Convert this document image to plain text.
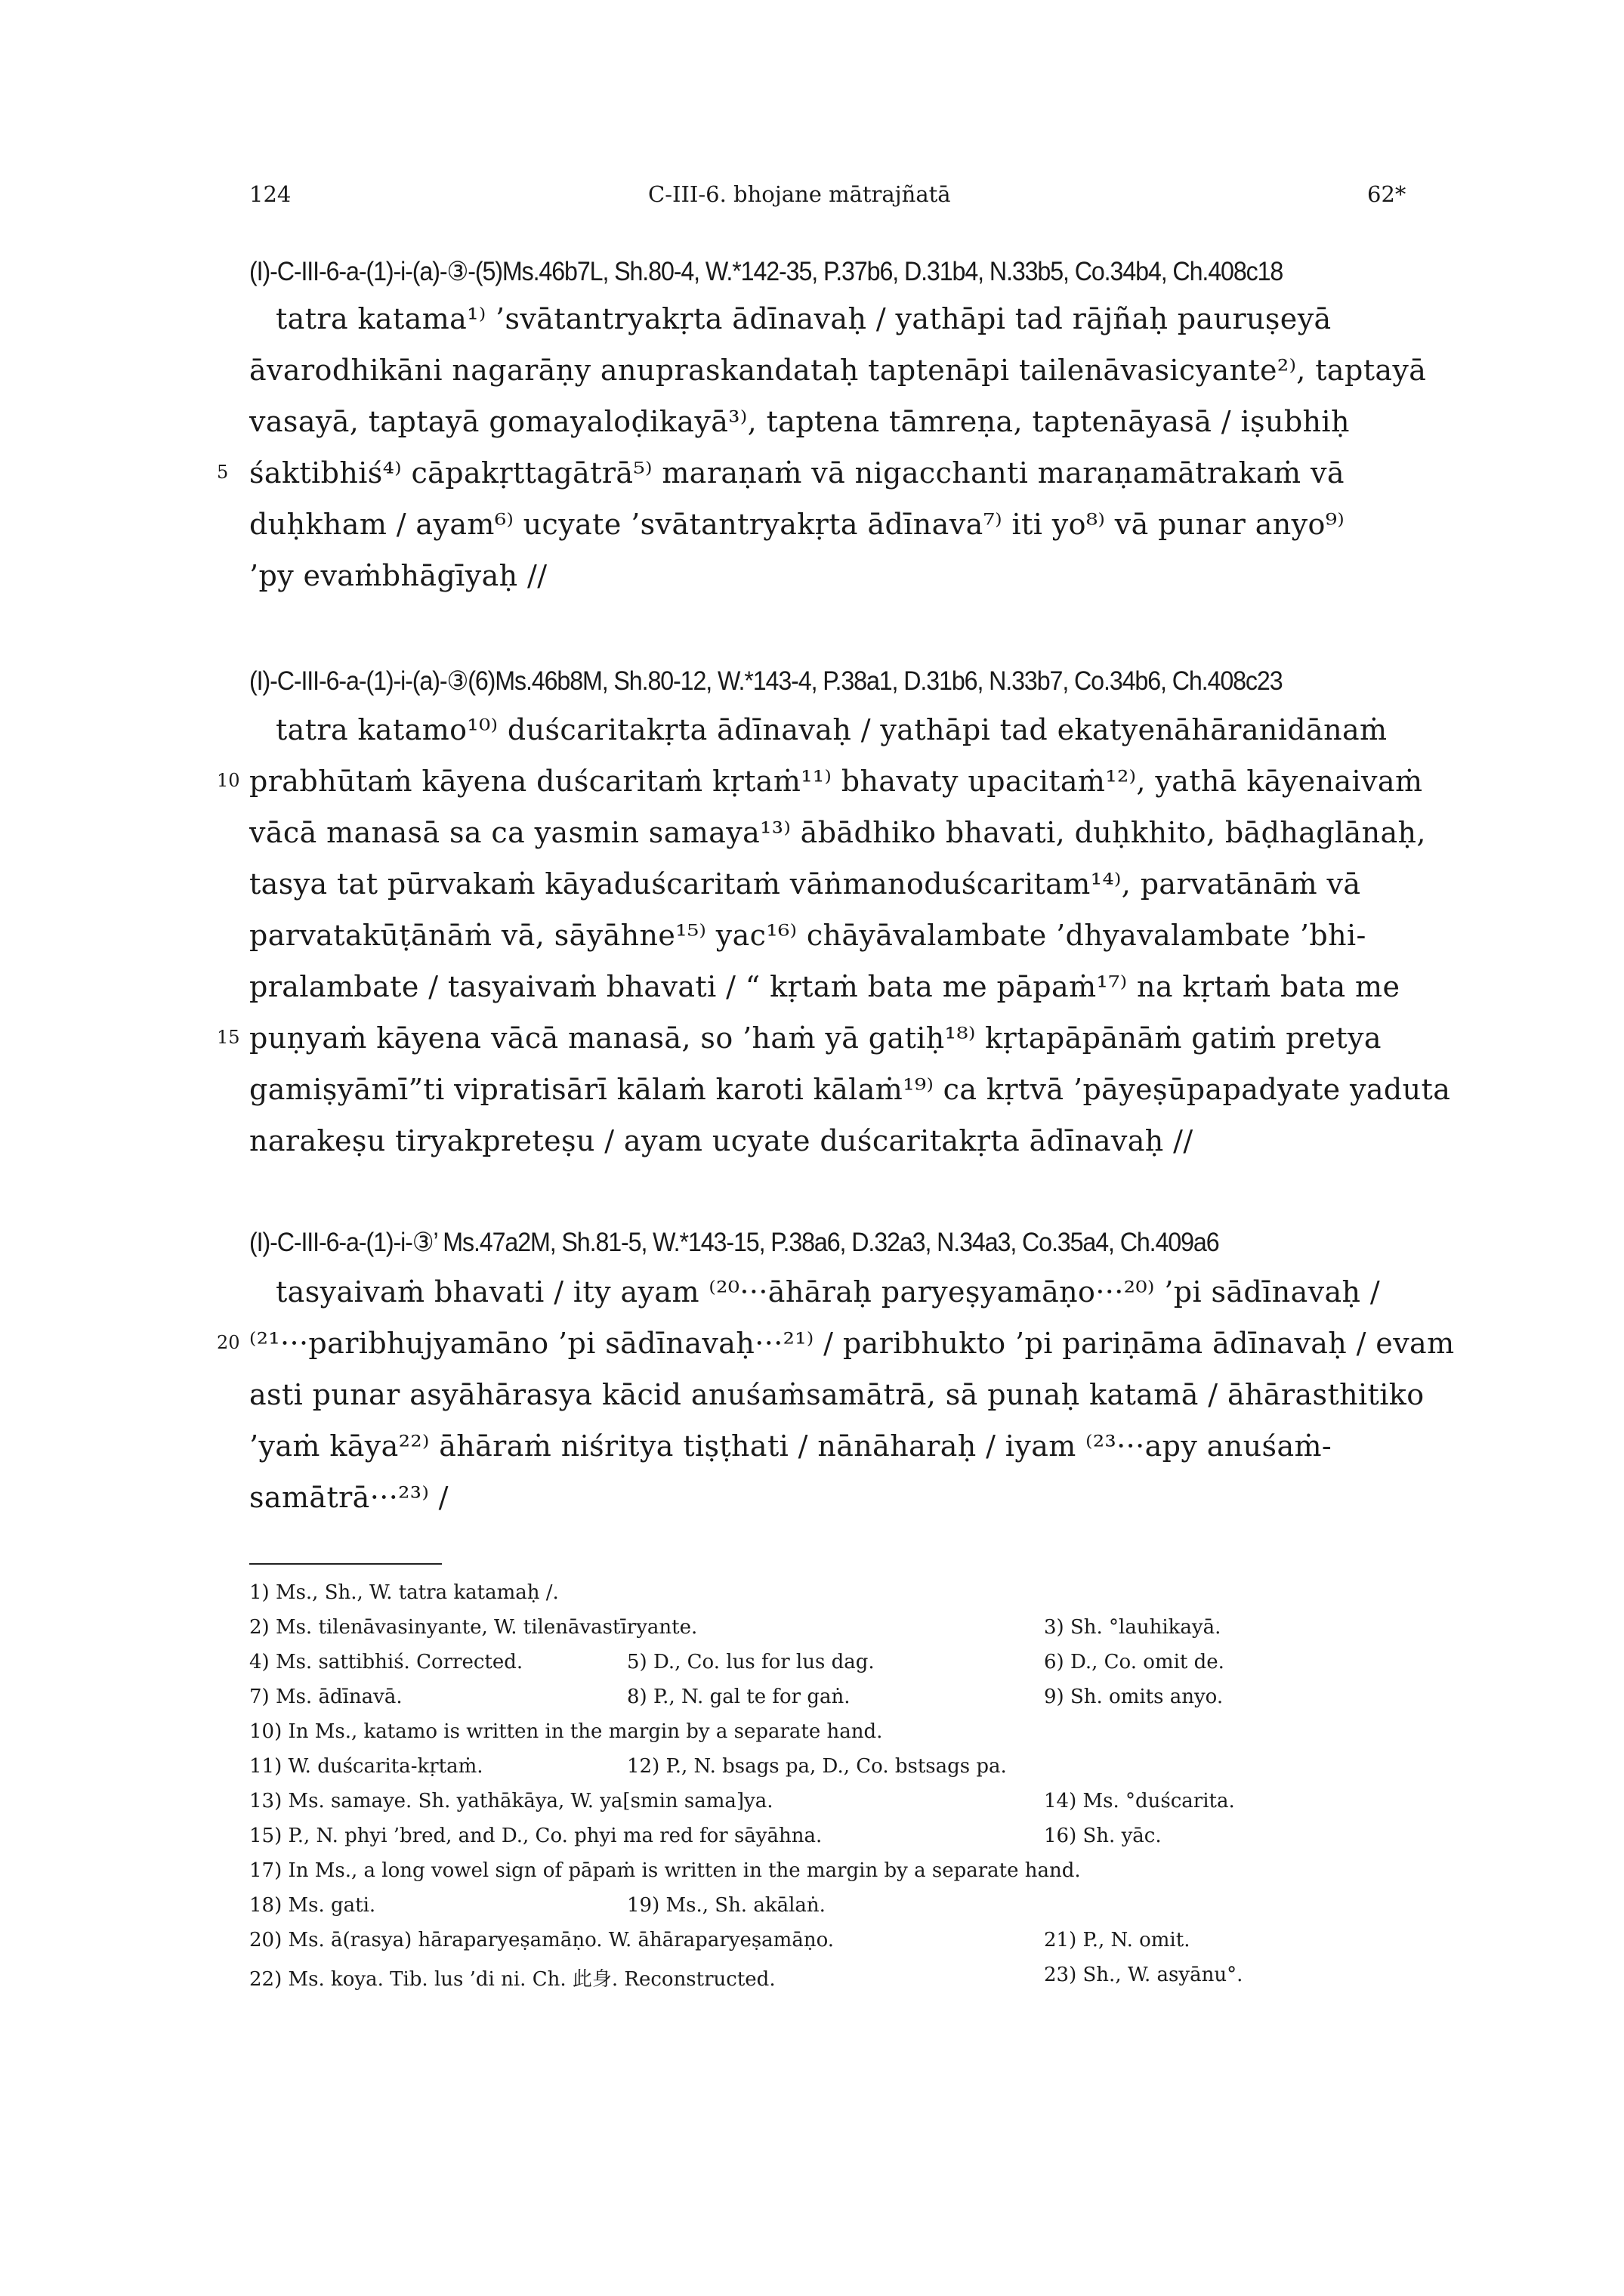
124	C-III-6. bhojane mātrajñatā	62*
(I)-C-III-6-a-(1)-i-(a)-③-(5)Ms.46b7L, Sh.80-4, W.*142-35, P.37b6, D.31b4, N.33b5, Co.34b4, Ch.408c18
tatra katama¹⁾ ’svātantryakṛta ādīnavaḥ / yathāpi tad rājñaḥ pauruṣeyā
āvarodhikāni nagarāṇy anupraskandataḥ taptenāpi tailenāvasicyante²⁾, taptayā
vasayā, taptayā gomayaloḍikayā³⁾, taptena tāmreṇa, taptenāyasā / iṣubhiḥ
5 śaktibhiś⁴⁾ cāpakṛttagātrā⁵⁾ maraṇaṁ vā nigacchanti maraṇamātrakaṁ vā
duḥkham / ayam⁶⁾ ucyate ’svātantryakṛta ādīnava⁷⁾ iti yo⁸⁾ vā punar anyo⁹⁾
’py evaṁbhāgīyaḥ //
(I)-C-III-6-a-(1)-i-(a)-③(6)Ms.46b8M, Sh.80-12, W.*143-4, P.38a1, D.31b6, N.33b7, Co.34b6, Ch.408c23
tatra katamo¹⁰⁾ duścaritakṛta ādīnavaḥ / yathāpi tad ekatyenāhāranidānaṁ
10 prabhūtaṁ kāyena duścaritaṁ kṛtaṁ¹¹⁾ bhavaty upacitaṁ¹²⁾, yathā kāyenaivaṁ
vācā manasā sa ca yasmin samaya¹³⁾ ābādhiko bhavati, duḥkhito, bāḍhaglānaḥ,
tasya tat pūrvakaṁ kāyaduścaritaṁ vāṅmanoduścaritam¹⁴⁾, parvatānāṁ vā
parvatakūṭānāṁ vā, sāyāhne¹⁵⁾ yac¹⁶⁾ chāyāvalambate ’dhyavalambate ’bhi-
pralambate / tasyaivaṁ bhavati / “ kṛtaṁ bata me pāpaṁ¹⁷⁾ na kṛtaṁ bata me
15 puṇyaṁ kāyena vācā manasā, so ’haṁ yā gatiḥ¹⁸⁾ kṛtapāpānāṁ gatiṁ pretya
gamiṣyāmī”ti vipratisārī kālaṁ karoti kālaṁ¹⁹⁾ ca kṛtvā ’pāyeṣūpapadyate yaduta
narakeṣu tiryakpreteṣu / ayam ucyate duścaritakṛta ādīnavaḥ //
(I)-C-III-6-a-(1)-i-③’ Ms.47a2M, Sh.81-5, W.*143-15, P.38a6, D.32a3, N.34a3, Co.35a4, Ch.409a6
tasyaivaṁ bhavati / ity ayam ⁽²⁰···āhāraḥ paryeṣyamāṇo···²⁰⁾ ’pi sādīnavaḥ /
20 ⁽²¹···paribhujyamāno ’pi sādīnavaḥ···²¹⁾ / paribhukto ’pi pariṇāma ādīnavaḥ / evam
asti punar asyāhārasya kācid anuśaṁsamātrā, sā punaḥ katamā / āhārasthitiko
’yaṁ kāya²²⁾ āhāraṁ niśritya tiṣṭhati / nānāharaḥ / iyam ⁽²³···apy anuśaṁ-
samātrā···²³⁾ /
1) Ms., Sh., W. tatra katamaḥ /.
2) Ms. tilenāvasinyante, W. tilenāvastīryante.	3) Sh. °lauhikayā.
4) Ms. sattibhiś. Corrected.	5) D., Co. lus for lus dag.	6) D., Co. omit de.
7) Ms. ādīnavā.	8) P., N. gal te for gaṅ.	9) Sh. omits anyo.
10) In Ms., katamo is written in the margin by a separate hand.
11) W. duścarita-kṛtaṁ.	12) P., N. bsags pa, D., Co. bstsags pa.
13) Ms. samaye. Sh. yathākāya, W. ya[smin sama]ya.	14) Ms. °duścarita.
15) P., N. phyi ’bred, and D., Co. phyi ma red for sāyāhna.	16) Sh. yāc.
17) In Ms., a long vowel sign of pāpaṁ is written in the margin by a separate hand.
18) Ms. gati.	19) Ms., Sh. akālaṅ.
20) Ms. ā(rasya) hāraparyeṣamāṇo. W. āhāraparyeṣamāṇo.	21) P., N. omit.
22) Ms. koya. Tib. lus ’di ni. Ch. 此身. Reconstructed.	23) Sh., W. asyānu°.
